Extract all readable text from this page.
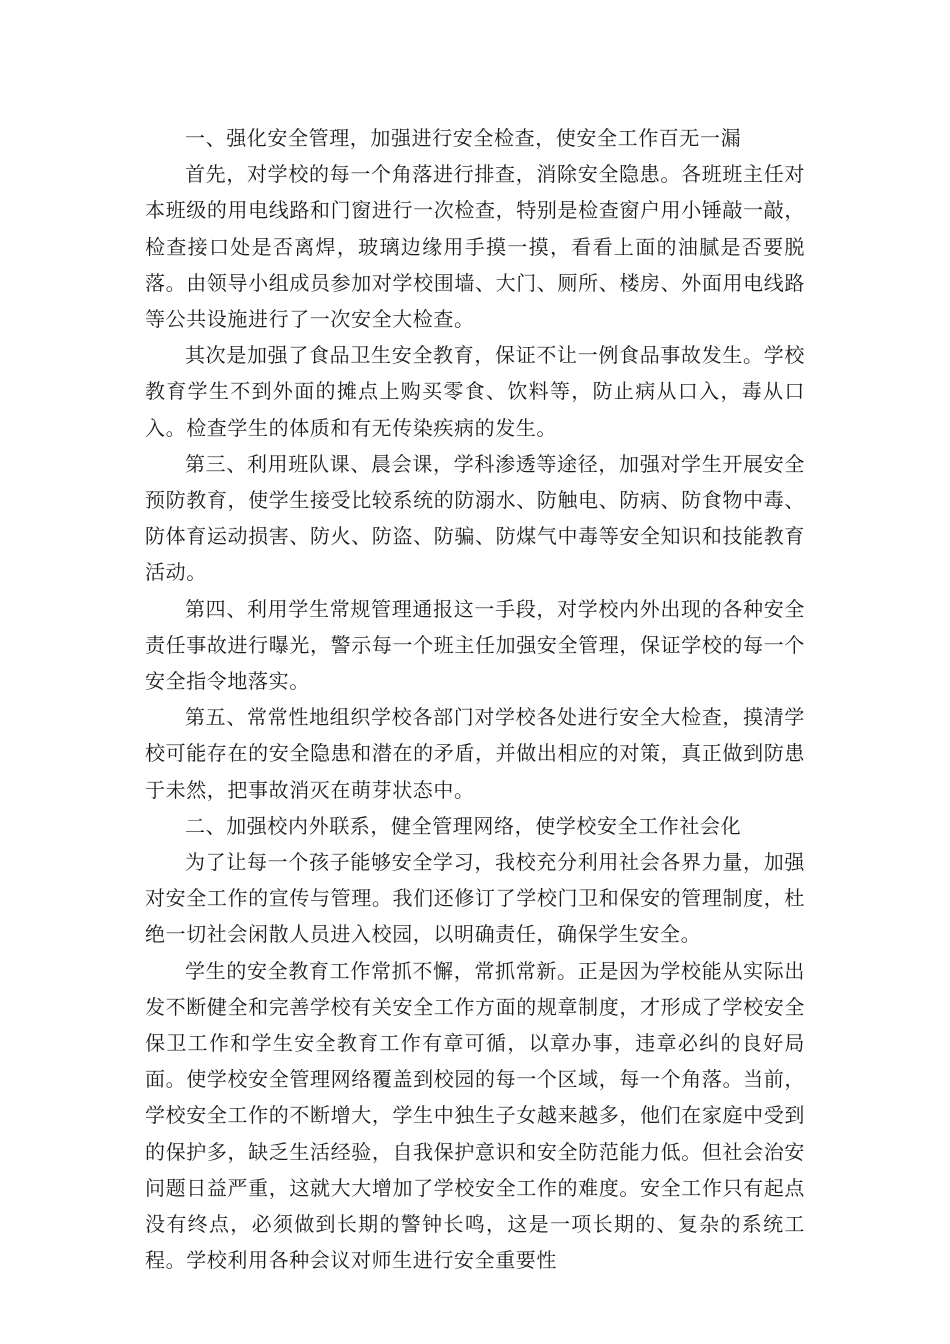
一、强化安全管理，加强进行安全检查，使安全工作百无一漏

首先，对学校的每一个角落进行排查，消除安全隐患。各班班主任对本班级的用电线路和门窗进行一次检查，特别是检查窗户用小锤敲一敲，检查接口处是否离焊，玻璃边缘用手摸一摸，看看上面的油腻是否要脱落。由领导小组成员参加对学校围墙、大门、厕所、楼房、外面用电线路等公共设施进行了一次安全大检查。

其次是加强了食品卫生安全教育，保证不让一例食品事故发生。学校教育学生不到外面的摊点上购买零食、饮料等，防止病从口入，毒从口入。检查学生的体质和有无传染疾病的发生。

第三、利用班队课、晨会课，学科渗透等途径，加强对学生开展安全预防教育，使学生接受比较系统的防溺水、防触电、防病、防食物中毒、防体育运动损害、防火、防盗、防骗、防煤气中毒等安全知识和技能教育活动。

第四、利用学生常规管理通报这一手段，对学校内外出现的各种安全责任事故进行曝光，警示每一个班主任加强安全管理，保证学校的每一个安全指令地落实。

第五、常常性地组织学校各部门对学校各处进行安全大检查，摸清学校可能存在的安全隐患和潜在的矛盾，并做出相应的对策，真正做到防患于未然，把事故消灭在萌芽状态中。

二、加强校内外联系，健全管理网络，使学校安全工作社会化

为了让每一个孩子能够安全学习，我校充分利用社会各界力量，加强对安全工作的宣传与管理。我们还修订了学校门卫和保安的管理制度，杜绝一切社会闲散人员进入校园，以明确责任，确保学生安全。

学生的安全教育工作常抓不懈，常抓常新。正是因为学校能从实际出发不断健全和完善学校有关安全工作方面的规章制度，才形成了学校安全保卫工作和学生安全教育工作有章可循，以章办事，违章必纠的良好局面。使学校安全管理网络覆盖到校园的每一个区域，每一个角落。当前，学校安全工作的不断增大，学生中独生子女越来越多，他们在家庭中受到的保护多，缺乏生活经验，自我保护意识和安全防范能力低。但社会治安问题日益严重，这就大大增加了学校安全工作的难度。安全工作只有起点没有终点，必须做到长期的警钟长鸣，这是一项长期的、复杂的系统工程。学校利用各种会议对师生进行安全重要性
